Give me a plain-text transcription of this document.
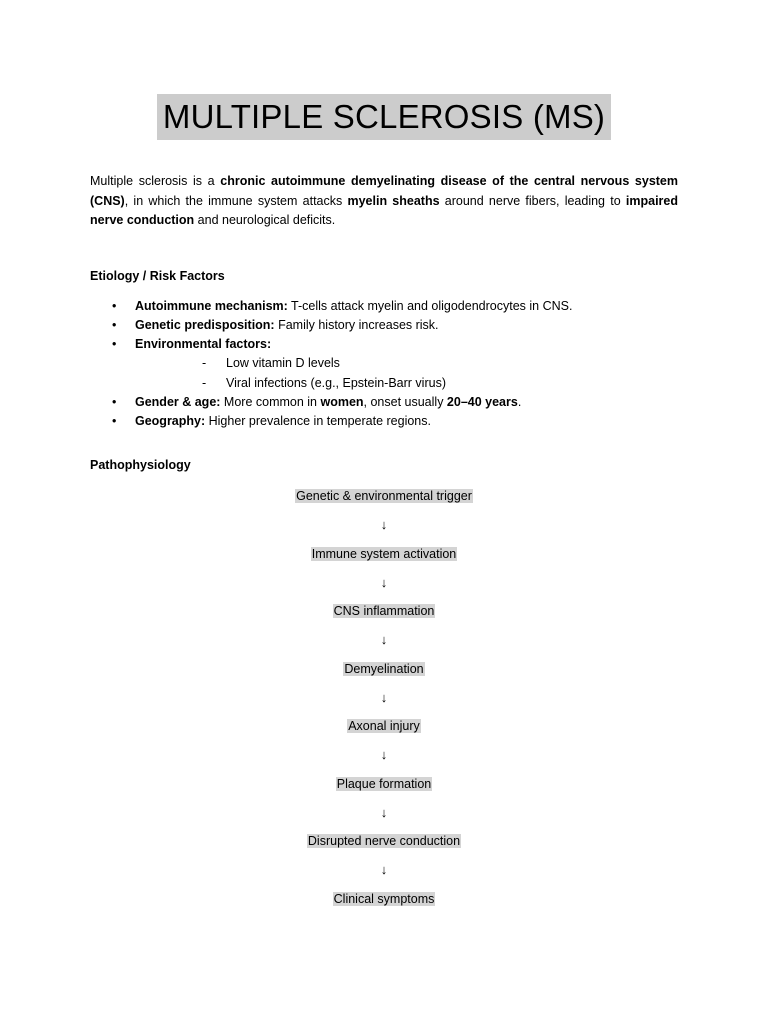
MULTIPLE SCLEROSIS (MS)

Multiple sclerosis is a chronic autoimmune demyelinating disease of the central nervous system (CNS), in which the immune system attacks myelin sheaths around nerve fibers, leading to impaired nerve conduction and neurological deficits.

Etiology / Risk Factors
• Autoimmune mechanism: T-cells attack myelin and oligodendrocytes in CNS.
• Genetic predisposition: Family history increases risk.
• Environmental factors:
- Low vitamin D levels
- Viral infections (e.g., Epstein-Barr virus)
• Gender & age: More common in women, onset usually 20–40 years.
• Geography: Higher prevalence in temperate regions.
Pathophysiology
Genetic & environmental trigger
↓
Immune system activation
↓
CNS inflammation
↓
Demyelination
↓
Axonal injury
↓
Plaque formation
↓
Disrupted nerve conduction
↓
Clinical symptoms
